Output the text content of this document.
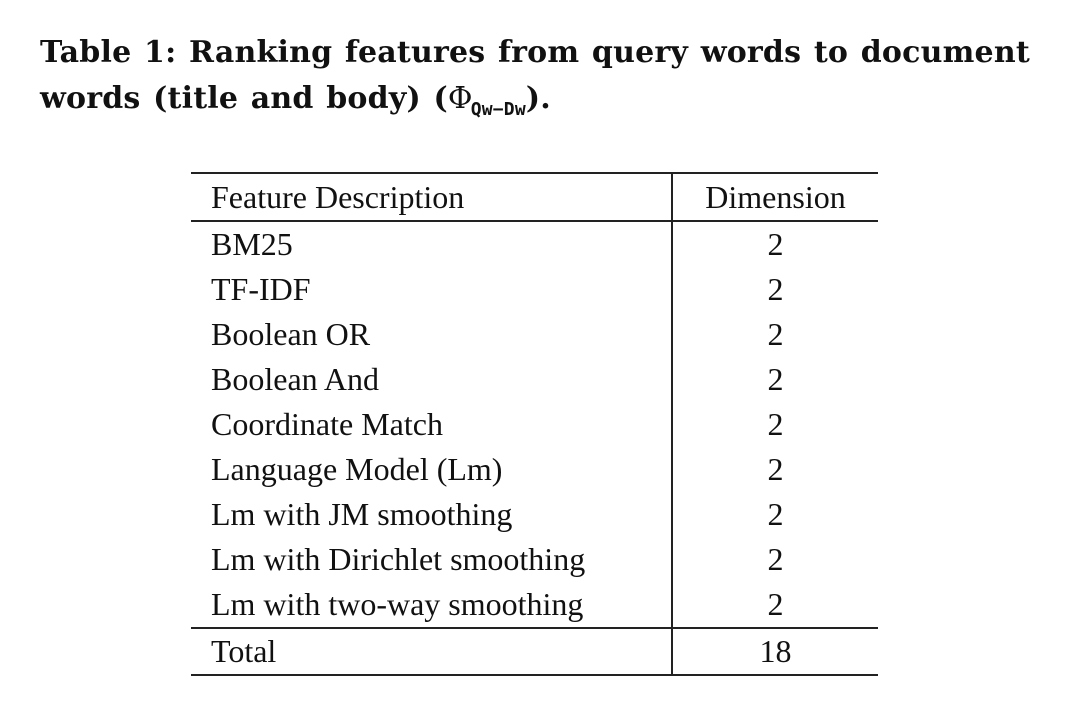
Table 1: Ranking features from query words to document words (title and body) $(\Phi_{Qw-Dw})$.
Feature Description	Dimension
BM25	2
TF-IDF	2
Boolean OR	2
Boolean And	2
Coordinate Match	2
Language Model (Lm)	2
Lm with JM smoothing	2
Lm with Dirichlet smoothing	2
Lm with two-way smoothing	2
Total	18
